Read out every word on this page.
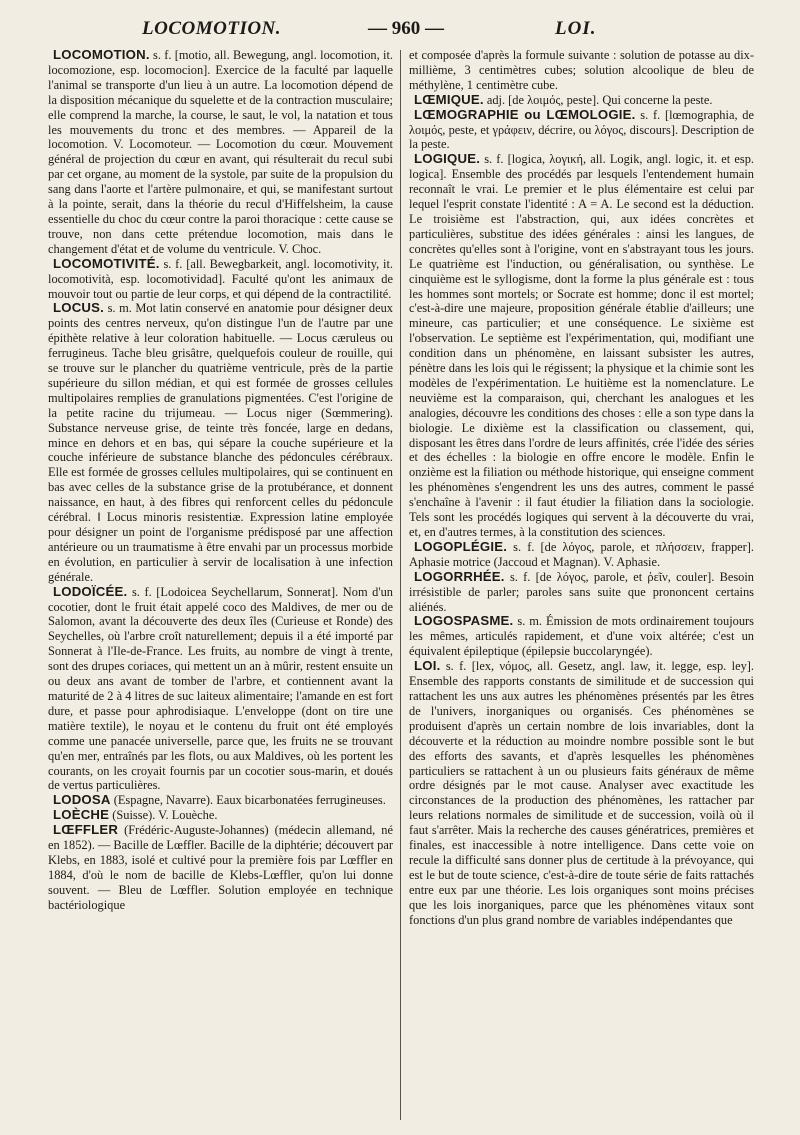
LOCOMOTION.	— 960 —	LOI.

LOCOMOTION. s. f. [motio, all. Bewegung, angl. locomotion, it. locomozione, esp. locomocion]. Exercice de la faculté par laquelle l'animal se transporte d'un lieu à un autre. La locomotion dépend de la disposition mécanique du squelette et de la contraction musculaire; elle comprend la marche, la course, le saut, le vol, la natation et tous les mouvements du tronc et des membres. — Appareil de la locomotion. V. Locomoteur. — Locomotion du cœur. Mouvement général de projection du cœur en avant, qui résulterait du recul subi par cet organe, au moment de la systole, par suite de la propulsion du sang dans l'aorte et l'artère pulmonaire, et qui, se manifestant surtout à la pointe, serait, dans la théorie du recul d'Hiffelsheim, la cause essentielle du choc du cœur contre la paroi thoracique : cette cause se trouve, non dans cette prétendue locomotion, mais dans le changement d'état et de volume du ventricule. V. Choc.

LOCOMOTIVITÉ. s. f. [all. Bewegbarkeit, angl. locomotivity, it. locomotività, esp. locomotividad]. Faculté qu'ont les animaux de mouvoir tout ou partie de leur corps, et qui dépend de la contractilité.

LOCUS. s. m. Mot latin conservé en anatomie pour désigner deux points des centres nerveux, qu'on distingue l'un de l'autre par une épithète relative à leur coloration habituelle. — Locus cæruleus ou ferrugineus. Tache bleu grisâtre, quelquefois couleur de rouille, qui se trouve sur le plancher du quatrième ventricule, près de la partie supérieure du sillon médian, et qui est formée de grosses cellules multipolaires remplies de granulations pigmentées. C'est l'origine de la petite racine du trijumeau. — Locus niger (Sœmmering). Substance nerveuse grise, de teinte très foncée, large en dedans, mince en dehors et en bas, qui sépare la couche supérieure et la couche inférieure de substance blanche des pédoncules cérébraux. Elle est formée de grosses cellules multipolaires, qui se continuent en bas avec celles de la substance grise de la protubérance, et donnent naissance, en haut, à des fibres qui renforcent celles du pédoncule cérébral. ‖ Locus minoris resistentiæ. Expression latine employée pour désigner un point de l'organisme prédisposé par une affection antérieure ou un traumatisme à être envahi par un processus morbide en évolution, en particulier à servir de localisation à une infection générale.

LODOÏCÉE. s. f. [Lodoicea Seychellarum, Sonnerat]. Nom d'un cocotier, dont le fruit était appelé coco des Maldives, de mer ou de Salomon, avant la découverte des deux îles (Curieuse et Ronde) des Seychelles, où l'arbre croît naturellement; depuis il a été importé par Sonnerat à l'Ile-de-France. Les fruits, au nombre de vingt à trente, sont des drupes coriaces, qui mettent un an à mûrir, restent ensuite un ou deux ans avant de tomber de l'arbre, et contiennent avant la maturité de 2 à 4 litres de suc laiteux alimentaire; l'amande en est fort dure, et passe pour aphrodisiaque. L'enveloppe (dont on tire une matière textile), le noyau et le contenu du fruit ont été employés comme une panacée universelle, parce que, les fruits ne se trouvant qu'en mer, entraînés par les flots, ou aux Maldives, où les portent les courants, on les croyait fournis par un cocotier sous-marin, et doués de vertus particulières.

LODOSA (Espagne, Navarre). Eaux bicarbonatées ferrugineuses.

LOÈCHE (Suisse). V. Louèche.

LŒFFLER (Frédéric-Auguste-Johannes) (médecin allemand, né en 1852). — Bacille de Lœffler. Bacille de la diphtérie; découvert par Klebs, en 1883, isolé et cultivé pour la première fois par Lœffler en 1884, d'où le nom de bacille de Klebs-Lœffler, qu'on lui donne souvent. — Bleu de Lœffler. Solution employée en technique bactériologique

et composée d'après la formule suivante : solution de potasse au dix-millième, 3 centimètres cubes; solution alcoolique de bleu de méthylène, 1 centimètre cube.

LŒMIQUE. adj. [de λοιμός, peste]. Qui concerne la peste.

LŒMOGRAPHIE ou LŒMOLOGIE. s. f. [lœmographia, de λοιμός, peste, et γράφειν, décrire, ou λόγος, discours]. Description de la peste.

LOGIQUE. s. f. [logica, λογική, all. Logik, angl. logic, it. et esp. logica]. Ensemble des procédés par lesquels l'entendement humain reconnaît le vrai. Le premier et le plus élémentaire est celui par lequel l'esprit constate l'identité : A = A. Le second est la déduction. Le troisième est l'abstraction, qui, aux idées concrètes et particulières, substitue des idées générales : ainsi les langues, de concrètes qu'elles sont à l'origine, vont en s'abstrayant tous les jours. Le quatrième est l'induction, ou généralisation, ou synthèse. Le cinquième est le syllogisme, dont la forme la plus générale est : tous les hommes sont mortels; or Socrate est homme; donc il est mortel; c'est-à-dire une majeure, proposition générale établie d'ailleurs; une mineure, cas particulier; et une conséquence. Le sixième est l'observation. Le septième est l'expérimentation, qui, modifiant une condition dans un phénomène, en laissant subsister les autres, pénètre dans les lois qui le régissent; la physique et la chimie sont les modèles de l'expérimentation. Le huitième est la nomenclature. Le neuvième est la comparaison, qui, cherchant les analogues et les analogies, découvre les conditions des choses : elle a son type dans la biologie. Le dixième est la classification ou classement, qui, disposant les êtres dans l'ordre de leurs affinités, crée l'idée des séries et des échelles : la biologie en offre encore le modèle. Enfin le onzième est la filiation ou méthode historique, qui enseigne comment les phénomènes s'engendrent les uns des autres, comment le passé s'enchaîne à l'avenir : il faut étudier la filiation dans la sociologie. Tels sont les procédés logiques qui servent à la découverte du vrai, et, en d'autres termes, à la constitution des sciences.

LOGOPLÉGIE. s. f. [de λόγος, parole, et πλήσσειν, frapper]. Aphasie motrice (Jaccoud et Magnan). V. Aphasie.

LOGORRHÉE. s. f. [de λόγος, parole, et ῥεῖν, couler]. Besoin irrésistible de parler; paroles sans suite que prononcent certains aliénés.

LOGOSPASME. s. m. Émission de mots ordinairement toujours les mêmes, articulés rapidement, et d'une voix altérée; c'est un équivalent épileptique (épilepsie buccolaryngée).

LOI. s. f. [lex, νόμος, all. Gesetz, angl. law, it. legge, esp. ley]. Ensemble des rapports constants de similitude et de succession qui rattachent les uns aux autres les phénomènes présentés par les êtres de l'univers, inorganiques ou organisés. Ces phénomènes se produisent d'après un certain nombre de lois invariables, dont la découverte et la réduction au moindre nombre possible sont le but des efforts des savants, et d'après lesquelles les phénomènes particuliers se rattachent à un ou plusieurs faits généraux de même ordre désignés par le mot cause. Analyser avec exactitude les circonstances de la production des phénomènes, les rattacher par leurs relations normales de similitude et de succession, voilà où il faut s'arrêter. Mais la recherche des causes génératrices, premières et finales, est inaccessible à notre intelligence. Dans cette voie on recule la difficulté sans donner plus de certitude à la prévoyance, qui est le but de toute science, c'est-à-dire de toute série de faits rattachés entre eux par une théorie. Les lois organiques sont moins précises que les lois inorganiques, parce que les phénomènes vitaux sont fonctions d'un plus grand nombre de variables indépendantes que
